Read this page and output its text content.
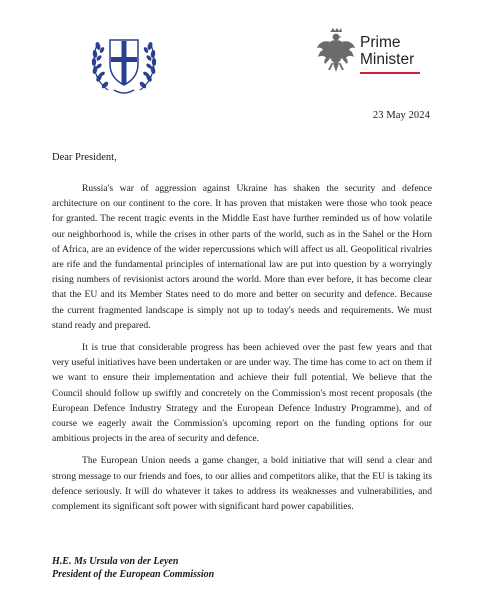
Prime
Minister
23 May 2024
Dear President,

Russia's war of aggression against Ukraine has shaken the security and defence architecture on our continent to the core. It has proven that mistaken were those who took peace for granted. The recent tragic events in the Middle East have further reminded us of how volatile our neighborhood is, while the crises in other parts of the world, such as in the Sahel or the Horn of Africa, are an evidence of the wider repercussions which will affect us all. Geopolitical rivalries are rife and the fundamental principles of international law are put into question by a worryingly rising numbers of revisionist actors around the world. More than ever before, it has become clear that the EU and its Member States need to do more and better on security and defence. Because the current fragmented landscape is simply not up to today's needs and requirements. We must stand ready and prepared.

It is true that considerable progress has been achieved over the past few years and that very useful initiatives have been undertaken or are under way. The time has come to act on them if we want to ensure their implementation and achieve their full potential. We believe that the Council should follow up swiftly and concretely on the Commission's most recent proposals (the European Defence Industry Strategy and the European Defence Industry Programme), and of course we eagerly await the Commission's upcoming report on the funding options for our ambitious projects in the area of security and defence.

The European Union needs a game changer, a bold initiative that will send a clear and strong message to our friends and foes, to our allies and competitors alike, that the EU is taking its defence seriously. It will do whatever it takes to address its weaknesses and vulnerabilities, and complement its significant soft power with significant hard power capabilities.

H.E. Ms Ursula von der Leyen
President of the European Commission
